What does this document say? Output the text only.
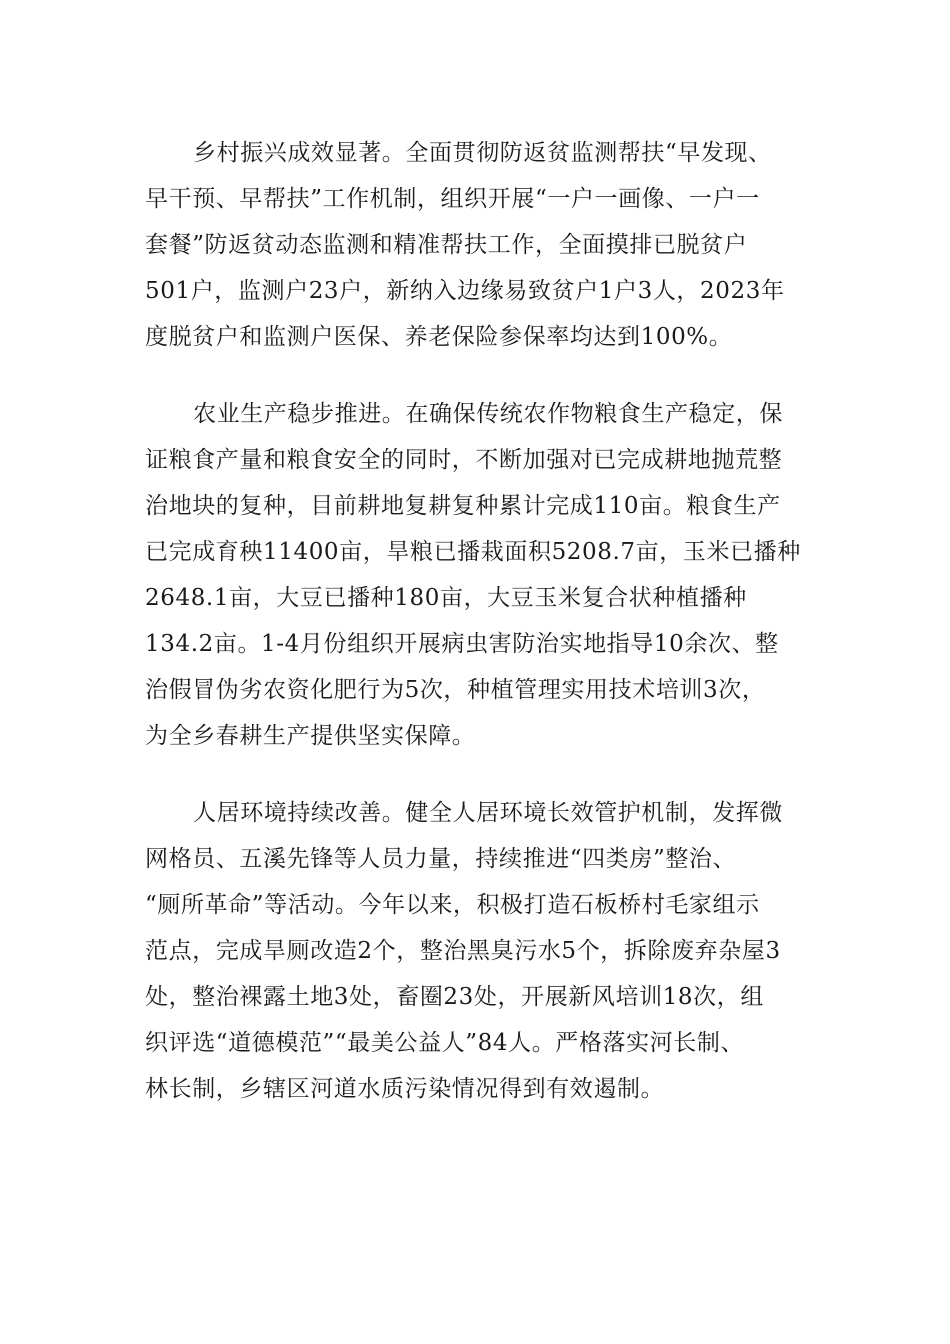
乡村振兴成效显著。全面贯彻防返贫监测帮扶“早发现、
早干预、早帮扶”工作机制，组织开展“一户一画像、一户一
套餐”防返贫动态监测和精准帮扶工作，全面摸排已脱贫户
501户，监测户23户，新纳入边缘易致贫户1户3人，2023年
度脱贫户和监测户医保、养老保险参保率均达到100%。
农业生产稳步推进。在确保传统农作物粮食生产稳定，保
证粮食产量和粮食安全的同时，不断加强对已完成耕地抛荒整
治地块的复种，目前耕地复耕复种累计完成110亩。粮食生产
已完成育秧11400亩，旱粮已播栽面积5208.7亩，玉米已播种
2648.1亩，大豆已播种180亩，大豆玉米复合状种植播种
134.2亩。1-4月份组织开展病虫害防治实地指导10余次、整
治假冒伪劣农资化肥行为5次，种植管理实用技术培训3次，
为全乡春耕生产提供坚实保障。
人居环境持续改善。健全人居环境长效管护机制，发挥微
网格员、五溪先锋等人员力量，持续推进“四类房”整治、
“厕所革命”等活动。今年以来，积极打造石板桥村毛家组示
范点，完成旱厕改造2个，整治黑臭污水5个，拆除废弃杂屋3
处，整治裸露土地3处，畜圈23处，开展新风培训18次，组
织评选“道德模范”“最美公益人”84人。严格落实河长制、
林长制，乡辖区河道水质污染情况得到有效遏制。
